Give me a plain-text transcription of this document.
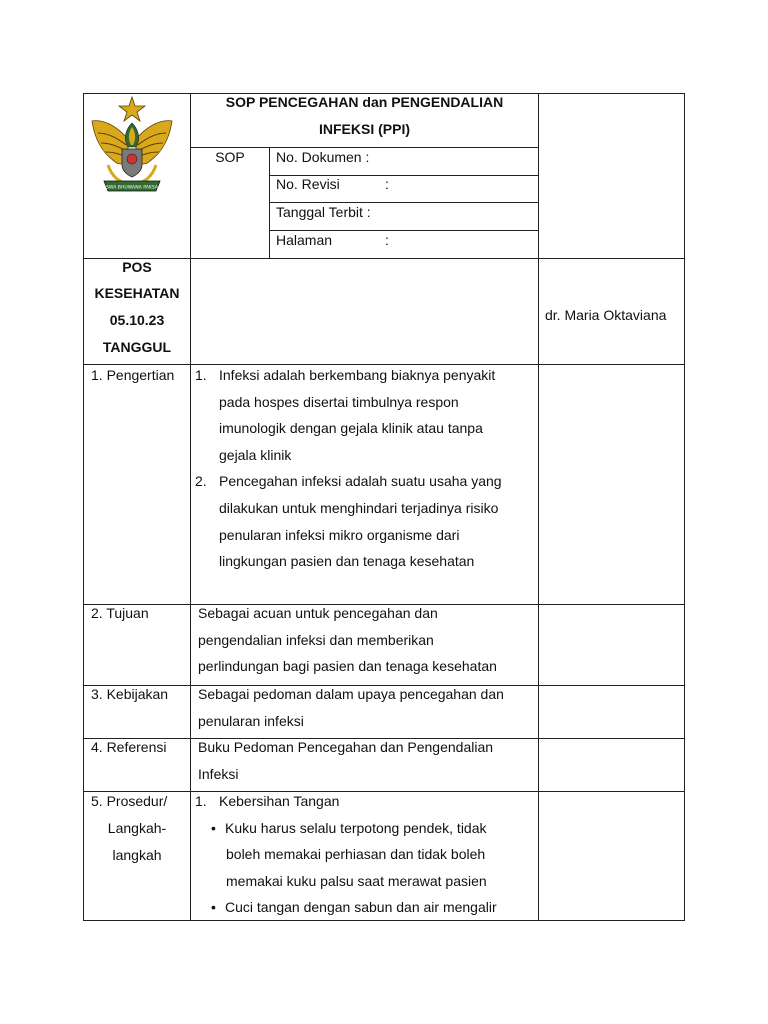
SWA BHUWANA PAKSA
SOP PENCEGAHAN dan PENGENDALIAN
INFEKSI (PPI)
SOP	No. Dokumen :
No. Revisi	:
Tanggal Terbit :
Halaman	:
POS
KESEHATAN
05.10.23
TANGGUL
dr. Maria Oktaviana
1. Pengertian 1. Infeksi adalah berkembang biaknya penyakit
pada hospes disertai timbulnya respon
imunologik dengan gejala klinik atau tanpa
gejala klinik
2. Pencegahan infeksi adalah suatu usaha yang
dilakukan untuk menghindari terjadinya risiko
penularan infeksi mikro organisme dari
lingkungan pasien dan tenaga kesehatan
2. Tujuan	Sebagai acuan untuk pencegahan dan
pengendalian infeksi dan memberikan
perlindungan bagi pasien dan tenaga kesehatan
3. Kebijakan Sebagai pedoman dalam upaya pencegahan dan
penularan infeksi
4. Referensi Buku Pedoman Pencegahan dan Pengendalian
Infeksi
5. Prosedur/
Langkah-
langkah
1. Kebersihan Tangan
• Kuku harus selalu terpotong pendek, tidak
boleh memakai perhiasan dan tidak boleh
memakai kuku palsu saat merawat pasien
• Cuci tangan dengan sabun dan air mengalir
